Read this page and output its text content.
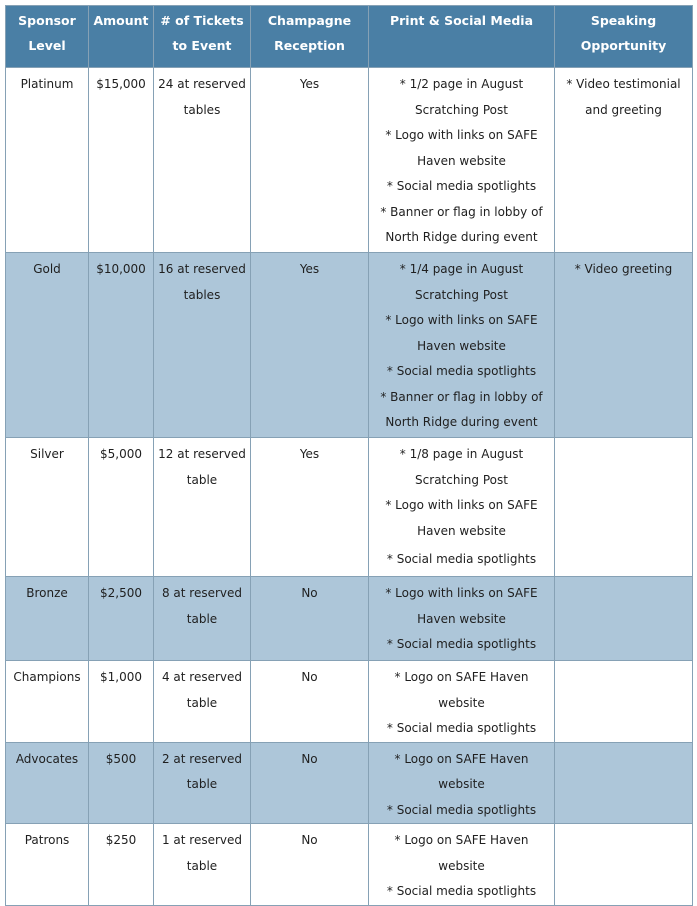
Sponsor Level	Amount	# of Tickets to Event	Champagne Reception	Print & Social Media	Speaking Opportunity
Platinum	$15,000	24 at reserved tables	Yes	* 1/2 page in August Scratching Post
* Logo with links on SAFE Haven website
* Social media spotlights
* Banner or flag in lobby of North Ridge during event	* Video testimonial and greeting
Gold	$10,000	16 at reserved tables	Yes	* 1/4 page in August Scratching Post
* Logo with links on SAFE Haven website
* Social media spotlights
* Banner or flag in lobby of North Ridge during event	* Video greeting
Silver	$5,000	12 at reserved table	Yes	* 1/8 page in August Scratching Post
* Logo with links on SAFE Haven website
* Social media spotlights	

Bronze	$2,500	8 at reserved table	No	* Logo with links on SAFE Haven website
* Social media spotlights	

Champions	$1,000	4 at reserved table	No	* Logo on SAFE Haven website
* Social media spotlights	

Advocates	$500	2 at reserved table	No	* Logo on SAFE Haven website
* Social media spotlights	

Patrons	$250	1 at reserved table	No	* Logo on SAFE Haven website
* Social media spotlights	
